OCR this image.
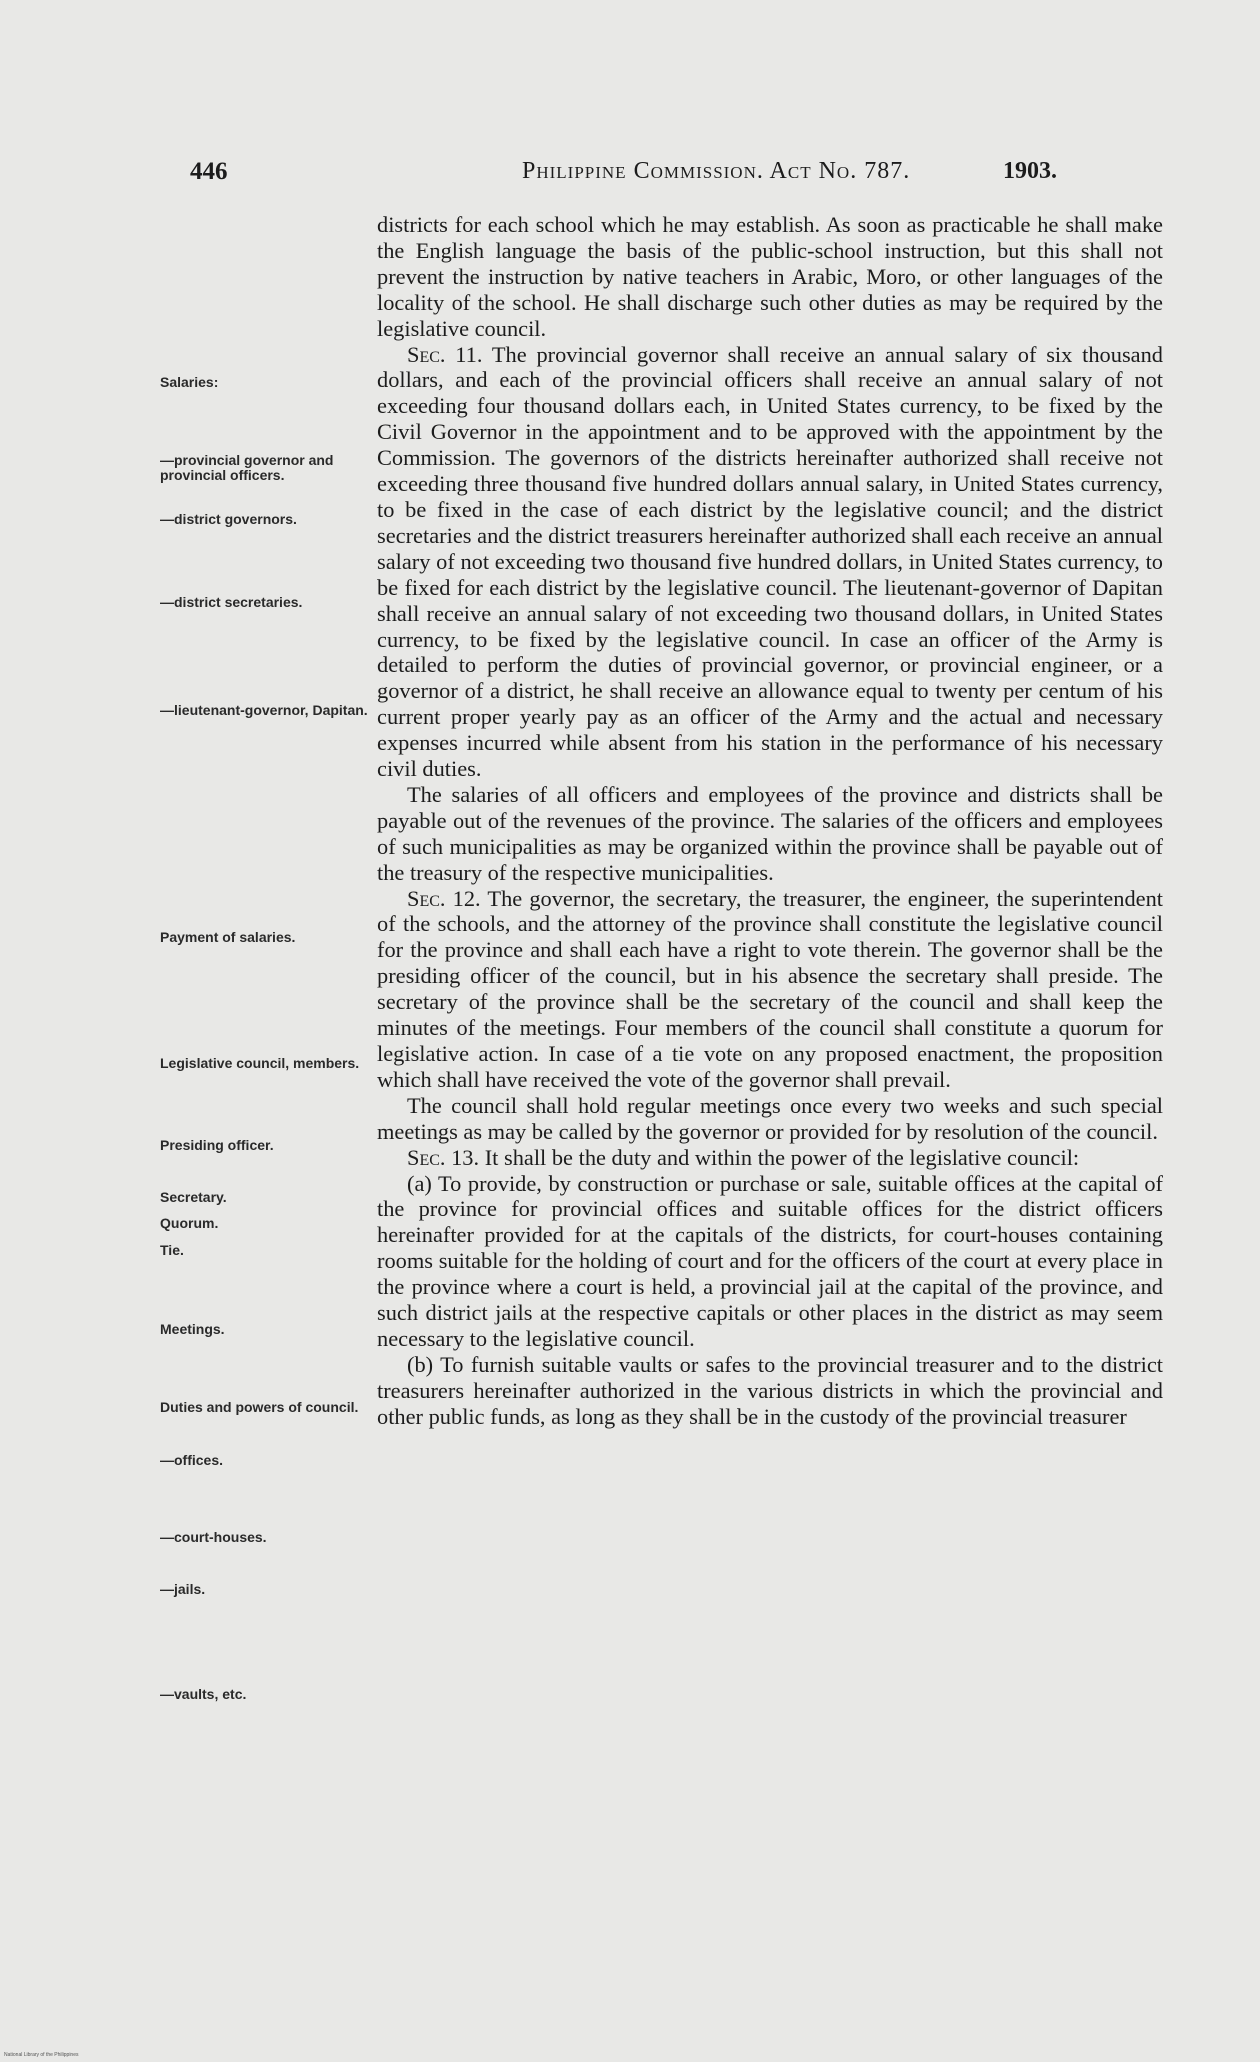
446	Philippine Commission. Act No. 787.	1903.
Salaries:
—provincial governor and provincial officers.
—district governors.
—district secretaries.
—lieutenant-governor, Dapitan.
Payment of salaries.
Legislative council, members.
Presiding officer.
Secretary.
Quorum.
Tie.
Meetings.
Duties and powers of council.
—offices.
—court-houses.
—jails.
—vaults, etc.

districts for each school which he may establish. As soon as practicable he shall make the English language the basis of the public-school instruction, but this shall not prevent the instruction by native teachers in Arabic, Moro, or other languages of the locality of the school. He shall discharge such other duties as may be required by the legislative council.

Sec. 11. The provincial governor shall receive an annual salary of six thousand dollars, and each of the provincial officers shall receive an annual salary of not exceeding four thousand dollars each, in United States currency, to be fixed by the Civil Governor in the appointment and to be approved with the appointment by the Commission. The governors of the districts hereinafter authorized shall receive not exceeding three thousand five hundred dollars annual salary, in United States currency, to be fixed in the case of each district by the legislative council; and the district secretaries and the district treasurers hereinafter authorized shall each receive an annual salary of not exceeding two thousand five hundred dollars, in United States currency, to be fixed for each district by the legislative council. The lieutenant-governor of Dapitan shall receive an annual salary of not exceeding two thousand dollars, in United States currency, to be fixed by the legislative council. In case an officer of the Army is detailed to perform the duties of provincial governor, or provincial engineer, or a governor of a district, he shall receive an allowance equal to twenty per centum of his current proper yearly pay as an officer of the Army and the actual and necessary expenses incurred while absent from his station in the performance of his necessary civil duties.

The salaries of all officers and employees of the province and districts shall be payable out of the revenues of the province. The salaries of the officers and employees of such municipalities as may be organized within the province shall be payable out of the treasury of the respective municipalities.

Sec. 12. The governor, the secretary, the treasurer, the engineer, the superintendent of the schools, and the attorney of the province shall constitute the legislative council for the province and shall each have a right to vote therein. The governor shall be the presiding officer of the council, but in his absence the secretary shall preside. The secretary of the province shall be the secretary of the council and shall keep the minutes of the meetings. Four members of the council shall constitute a quorum for legislative action. In case of a tie vote on any proposed enactment, the proposition which shall have received the vote of the governor shall prevail.

The council shall hold regular meetings once every two weeks and such special meetings as may be called by the governor or provided for by resolution of the council.

Sec. 13. It shall be the duty and within the power of the legislative council:

(a) To provide, by construction or purchase or sale, suitable offices at the capital of the province for provincial offices and suitable offices for the district officers hereinafter provided for at the capitals of the districts, for court-houses containing rooms suitable for the holding of court and for the officers of the court at every place in the province where a court is held, a provincial jail at the capital of the province, and such district jails at the respective capitals or other places in the district as may seem necessary to the legislative council.

(b) To furnish suitable vaults or safes to the provincial treasurer and to the district treasurers hereinafter authorized in the various districts in which the provincial and other public funds, as long as they shall be in the custody of the provincial treasurer

National Library of the Philippines
